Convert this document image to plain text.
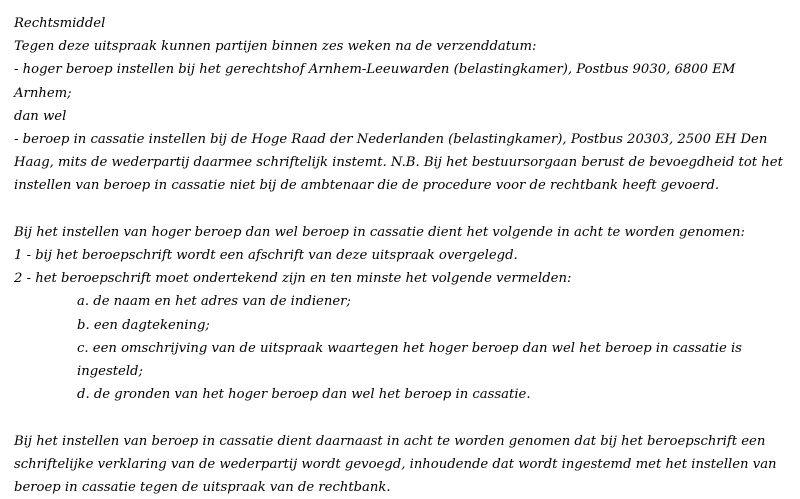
Rechtsmiddel

Tegen deze uitspraak kunnen partijen binnen zes weken na de verzenddatum:

- hoger beroep instellen bij het gerechtshof Arnhem-Leeuwarden (belastingkamer), Postbus 9030, 6800 EM

Arnhem;

dan wel

- beroep in cassatie instellen bij de Hoge Raad der Nederlanden (belastingkamer), Postbus 20303, 2500 EH Den

Haag, mits de wederpartij daarmee schriftelijk instemt. N.B. Bij het bestuursorgaan berust de bevoegdheid tot het

instellen van beroep in cassatie niet bij de ambtenaar die de procedure voor de rechtbank heeft gevoerd.

Bij het instellen van hoger beroep dan wel beroep in cassatie dient het volgende in acht te worden genomen:

1 - bij het beroepschrift wordt een afschrift van deze uitspraak overgelegd.

2 - het beroepschrift moet ondertekend zijn en ten minste het volgende vermelden:

a. de naam en het adres van de indiener;

b. een dagtekening;

c. een omschrijving van de uitspraak waartegen het hoger beroep dan wel het beroep in cassatie is

ingesteld;

d. de gronden van het hoger beroep dan wel het beroep in cassatie.

Bij het instellen van beroep in cassatie dient daarnaast in acht te worden genomen dat bij het beroepschrift een

schriftelijke verklaring van de wederpartij wordt gevoegd, inhoudende dat wordt ingestemd met het instellen van

beroep in cassatie tegen de uitspraak van de rechtbank.
